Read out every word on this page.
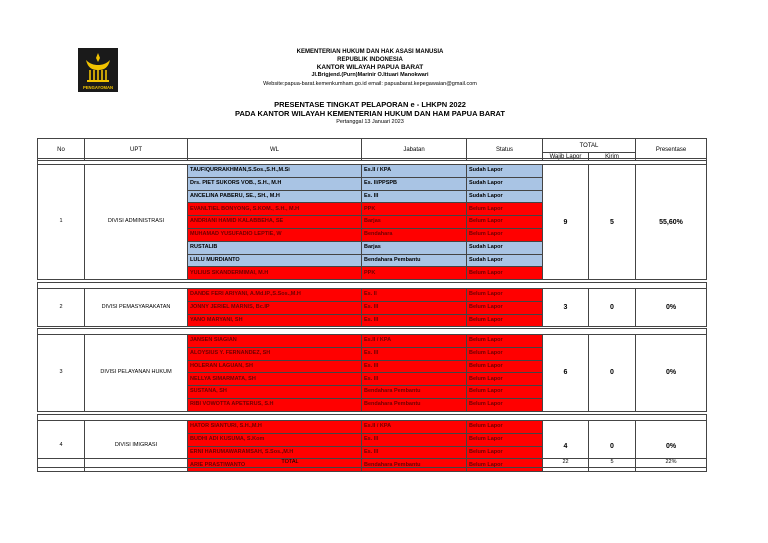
PENGAYOMAN
KEMENTERIAN HUKUM DAN HAK ASASI MANUSIA
REPUBLIK INDONESIA
KANTOR WILAYAH PAPUA BARAT
Jl.Brigjend.(Purn)Marinir O.Ittuari Manokwari
Website:papua-barat.kemenkumham.go.id email: papuabarat.kepegawaian@gmail.com
PRESENTASE TINGKAT PELAPORAN e - LHKPN 2022
PADA KANTOR WILAYAH KEMENTERIAN HUKUM DAN HAM PAPUA BARAT
Pertanggal 13 Januari 2023
No	UPT	WL	Jabatan	Status
TOTAL
Wajib Lapor	Kirim
Presentase
1	DIVISI ADMINISTRASI
TAUFIQURRAKHMAN,S.Sos.,S.H.,M.Si	Es.II / KPA	Sudah Lapor
Drs. PIET SUKORS VOB., S.H., M.H	Es. II/PPSPB	Sudah Lapor
ANCELINA PABERU, SE., SH., M.H	Es. III	Sudah Lapor
EVANLTIEL BONYONG, S.KOM., S.H., M.H	PPK	Belum Lapor
ANDRIANI HAMID KALABBEHA, SE	Barjas	Belum Lapor
MUHAMAD YUSUFADIO LEPTIE, W	Bendahara	Belum Lapor
RUSTALIB	Barjas	Sudah Lapor
LULU MURDIANTO	Bendahara Pembantu	Sudah Lapor
YULIUS SKANDERMIMAI, M.H	PPK	Belum Lapor
9	5	55,60%
2	DIVISI PEMASYARAKATAN
DANDE FERI ARIYANI, A.Md.IP.,S.Sos.,M.H	Es. II	Belum Lapor
JONNY JERIEL MARNIS, Bc.IP	Es. III	Belum Lapor
YANO MARYANI, SH	Es. III	Belum Lapor
3	0	0%
3	DIVISI PELAYANAN HUKUM
JANSEN SIAGIAN	Es.II / KPA	Belum Lapor
ALOYSIUS Y. FERNANDEZ, SH	Es. III	Belum Lapor
HOLERAN LAGUAN, SH	Es. III	Belum Lapor
NELLYA SIMARMATA, SH	Es. III	Belum Lapor
SUSTANA, SH	Bendahara Pembantu	Belum Lapor
RIBI VOWOTTA APETERUS, S.H	Bendahara Pembantu	Belum Lapor
6	0	0%
4	DIVISI IMIGRASI
HATOR SIANTURI, S.H.,M.H	Es.II / KPA	Belum Lapor
BUDHI ADI KUSUMA, S.Kom	Es. III	Belum Lapor
ERNI HARUMAWARAMSAH, S.Sos.,M.H	Es. III	Belum Lapor
ARIE PRASTIWANTO	Bendahara Pembantu	Belum Lapor
4	0	0%
TOTAL	22	5	22%
